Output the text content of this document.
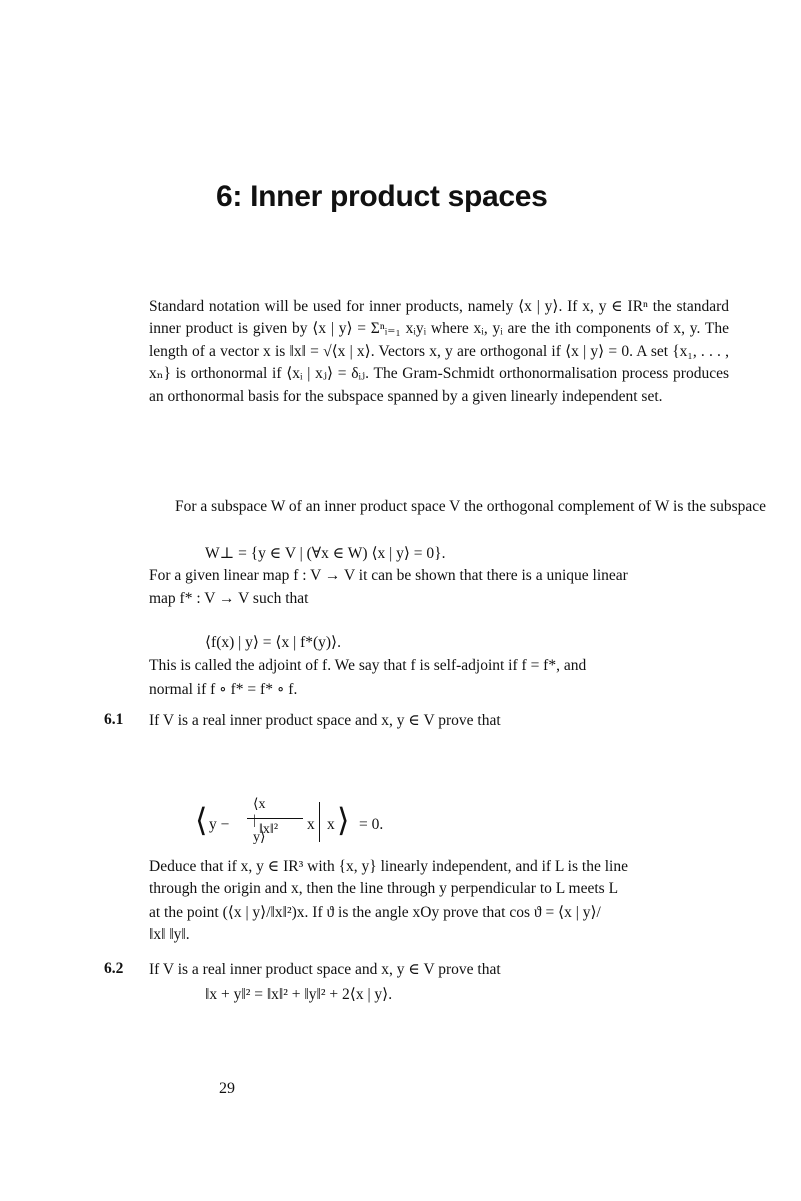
6: Inner product spaces

Standard notation will be used for inner products, namely ⟨x | y⟩. If x, y ∈ IRⁿ the standard inner product is given by ⟨x | y⟩ = Σⁿᵢ₌₁ xᵢyᵢ where xᵢ, yᵢ are the ith components of x, y. The length of a vector x is ‖x‖ = √⟨x | x⟩. Vectors x, y are orthogonal if ⟨x | y⟩ = 0. A set {x₁, . . . , xₙ} is orthonormal if ⟨xᵢ | xⱼ⟩ = δᵢⱼ. The Gram-Schmidt orthonormalisation process produces an orthonormal basis for the subspace spanned by a given linearly independent set.

For a subspace W of an inner product space V the orthogonal complement of W is the subspace
W⊥ = {y ∈ V | (∀x ∈ W) ⟨x | y⟩ = 0}.
For a given linear map f : V → V it can be shown that there is a unique linear
map f* : V → V such that
⟨f(x) | y⟩ = ⟨x | f*(y)⟩.
This is called the adjoint of f. We say that f is self-adjoint if f = f*, and
normal if f ∘ f* = f* ∘ f.
6.1 If V is a real inner product space and x, y ∈ V prove that
⟨ y −
⟨x | y⟩
‖x‖² x x ⟩ = 0.
Deduce that if x, y ∈ IR³ with {x, y} linearly independent, and if L is the line
through the origin and x, then the line through y perpendicular to L meets L
at the point (⟨x | y⟩/‖x‖²)x. If ϑ is the angle xOy prove that cos ϑ = ⟨x | y⟩/
‖x‖ ‖y‖.
6.2 If V is a real inner product space and x, y ∈ V prove that
‖x + y‖² = ‖x‖² + ‖y‖² + 2⟨x | y⟩.
29
